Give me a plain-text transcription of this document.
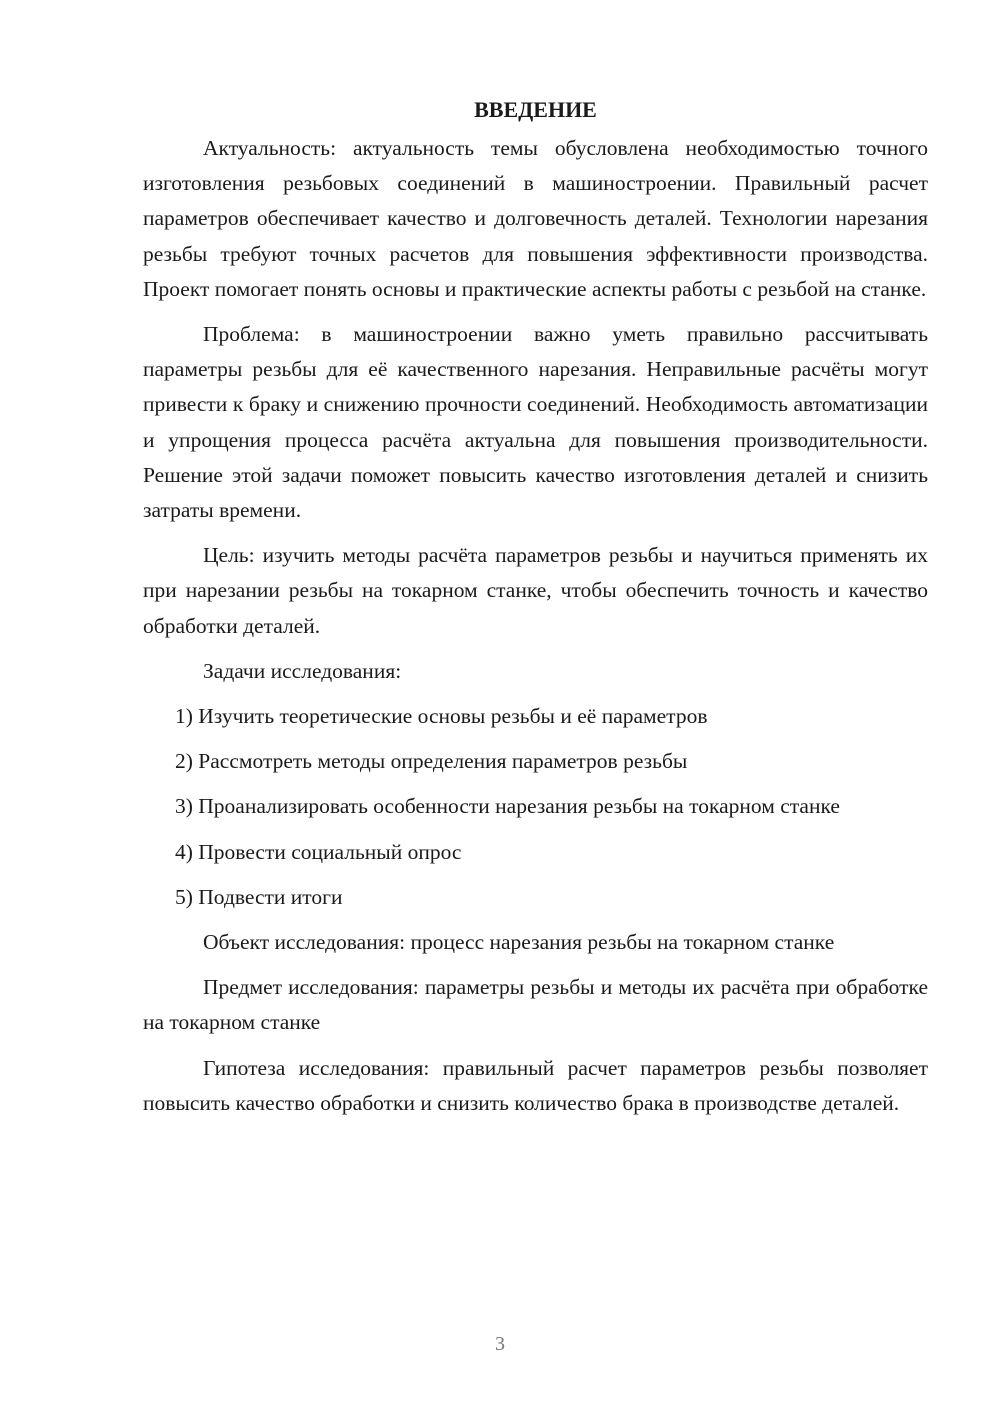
ВВЕДЕНИЕ

Актуальность: актуальность темы обусловлена необходимостью точного изготовления резьбовых соединений в машиностроении. Правильный расчет параметров обеспечивает качество и долговечность деталей. Технологии нарезания резьбы требуют точных расчетов для повышения эффективности производства. Проект помогает понять основы и практические аспекты работы с резьбой на станке.

Проблема: в машиностроении важно уметь правильно рассчитывать параметры резьбы для её качественного нарезания. Неправильные расчёты могут привести к браку и снижению прочности соединений. Необходимость автоматизации и упрощения процесса расчёта актуальна для повышения производительности. Решение этой задачи поможет повысить качество изготовления деталей и снизить затраты времени.

Цель: изучить методы расчёта параметров резьбы и научиться применять их при нарезании резьбы на токарном станке, чтобы обеспечить точность и качество обработки деталей.

Задачи исследования:

1) Изучить теоретические основы резьбы и её параметров

2) Рассмотреть методы определения параметров резьбы

3) Проанализировать особенности нарезания резьбы на токарном станке

4) Провести социальный опрос

5) Подвести итоги

Объект исследования: процесс нарезания резьбы на токарном станке

Предмет исследования: параметры резьбы и методы их расчёта при обработке на токарном станке

Гипотеза исследования: правильный расчет параметров резьбы позволяет повысить качество обработки и снизить количество брака в производстве деталей.

3
